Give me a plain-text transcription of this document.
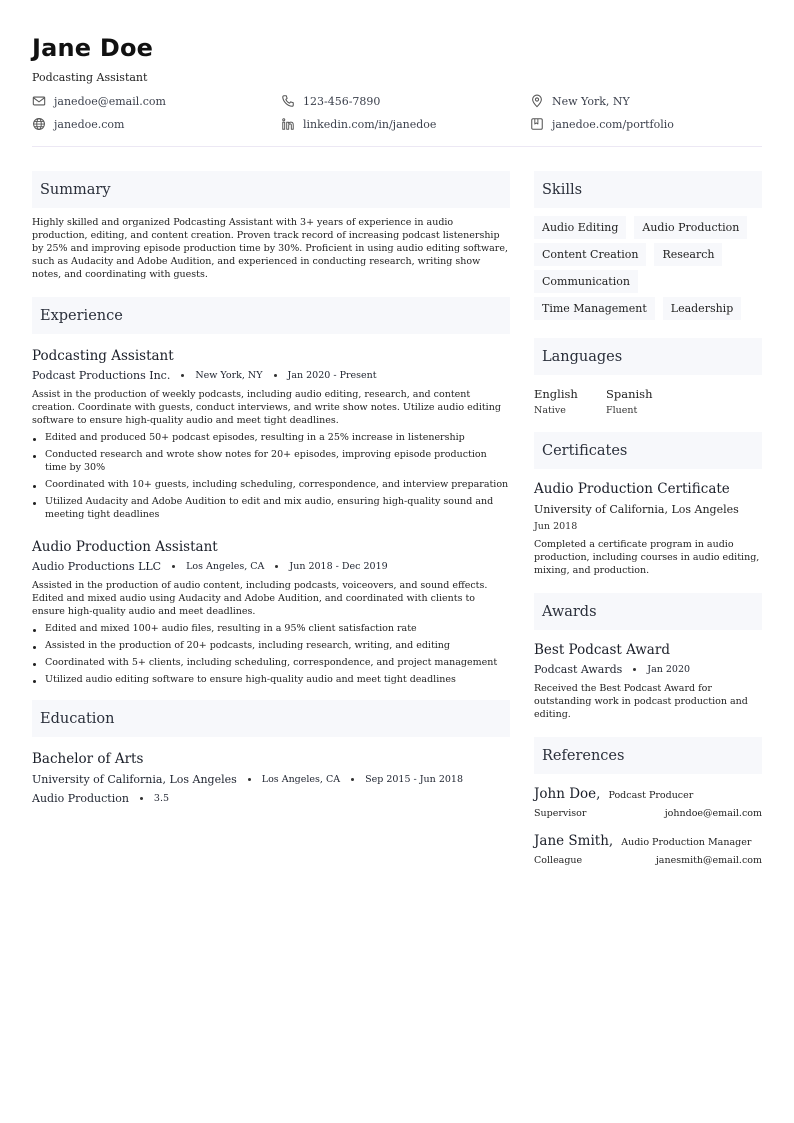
Jane Doe
Podcasting Assistant
janedoe@email.com	123-456-7890	New York, NY
janedoe.com	linkedin.com/in/janedoe	janedoe.com/portfolio
Summary

Highly skilled and organized Podcasting Assistant with 3+ years of experience in audio production, editing, and content creation. Proven track record of increasing podcast listenership by 25% and improving episode production time by 30%. Proficient in using audio editing software, such as Audacity and Adobe Audition, and experienced in conducting research, writing show notes, and coordinating with guests.

Experience
Podcasting Assistant
Podcast Productions Inc.	New York, NY	Jan 2020 - Present

Assist in the production of weekly podcasts, including audio editing, research, and content creation. Coordinate with guests, conduct interviews, and write show notes. Utilize audio editing software to ensure high-quality audio and meet tight deadlines.

Edited and produced 50+ podcast episodes, resulting in a 25% increase in listenership
Conducted research and wrote show notes for 20+ episodes, improving episode production time by 30%
Coordinated with 10+ guests, including scheduling, correspondence, and interview preparation
Utilized Audacity and Adobe Audition to edit and mix audio, ensuring high-quality sound and meeting tight deadlines
Audio Production Assistant
Audio Productions LLC	Los Angeles, CA	Jun 2018 - Dec 2019

Assisted in the production of audio content, including podcasts, voiceovers, and sound effects. Edited and mixed audio using Audacity and Adobe Audition, and coordinated with clients to ensure high-quality audio and meet deadlines.

Edited and mixed 100+ audio files, resulting in a 95% client satisfaction rate
Assisted in the production of 20+ podcasts, including research, writing, and editing
Coordinated with 5+ clients, including scheduling, correspondence, and project management
Utilized audio editing software to ensure high-quality audio and meet tight deadlines
Education
Bachelor of Arts
University of California, Los Angeles	Los Angeles, CA	Sep 2015 - Jun 2018
Audio Production	3.5
Skills
Audio Editing	Audio Production
Content Creation	Research
Communication
Time Management	Leadership
Languages
English
Native
Spanish
Fluent
Certificates
Audio Production Certificate
University of California, Los Angeles
Jun 2018

Completed a certificate program in audio production, including courses in audio editing, mixing, and production.

Awards
Best Podcast Award
Podcast Awards	Jan 2020

Received the Best Podcast Award for outstanding work in podcast production and editing.

References
John Doe, Podcast Producer
Supervisor	johndoe@email.com
Jane Smith, Audio Production Manager
Colleague	janesmith@email.com
